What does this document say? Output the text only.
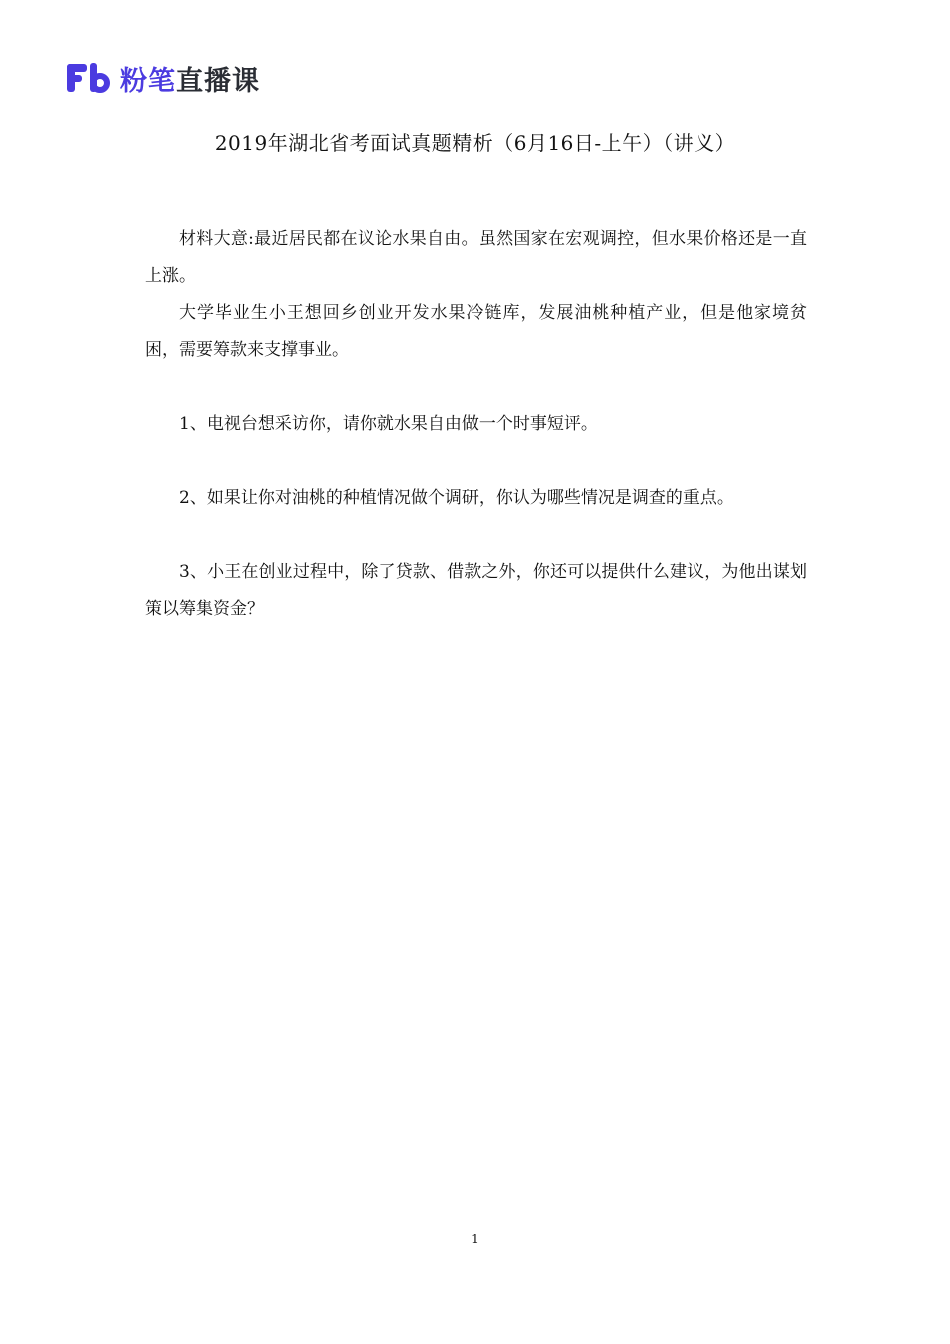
Fb
粉笔直播课
2019年湖北省考面试真题精析（6月16日-上午）（讲义）

材料大意:最近居民都在议论水果自由。虽然国家在宏观调控，但水果价格还是一直上涨。

大学毕业生小王想回乡创业开发水果冷链库，发展油桃种植产业，但是他家境贫困，需要筹款来支撑事业。

1、电视台想采访你，请你就水果自由做一个时事短评。

2、如果让你对油桃的种植情况做个调研，你认为哪些情况是调查的重点。

3、小王在创业过程中，除了贷款、借款之外，你还可以提供什么建议，为他出谋划策以筹集资金？

1
